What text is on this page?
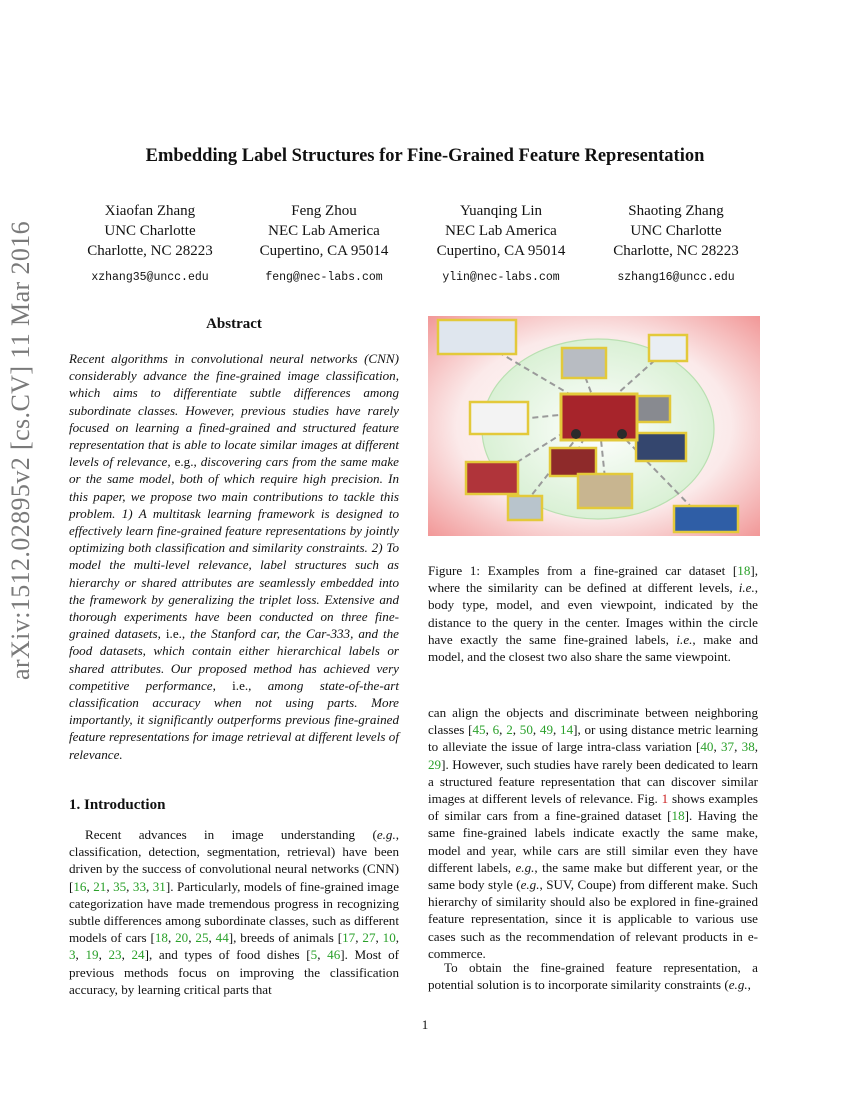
arXiv:1512.02895v2 [cs.CV] 11 Mar 2016
Embedding Label Structures for Fine-Grained Feature Representation
Xiaofan Zhang
UNC Charlotte
Charlotte, NC 28223
xzhang35@uncc.edu
Feng Zhou
NEC Lab America
Cupertino, CA 95014
feng@nec-labs.com
Yuanqing Lin
NEC Lab America
Cupertino, CA 95014
ylin@nec-labs.com
Shaoting Zhang
UNC Charlotte
Charlotte, NC 28223
szhang16@uncc.edu
Abstract
Recent algorithms in convolutional neural networks (CNN) considerably advance the fine-grained image classification, which aims to differentiate subtle differences among subordinate classes. However, previous studies have rarely focused on learning a fined-grained and structured feature representation that is able to locate similar images at different levels of relevance, e.g., discovering cars from the same make or the same model, both of which require high precision. In this paper, we propose two main contributions to tackle this problem. 1) A multitask learning framework is designed to effectively learn fine-grained feature representations by jointly optimizing both classification and similarity constraints. 2) To model the multi-level relevance, label structures such as hierarchy or shared attributes are seamlessly embedded into the framework by generalizing the triplet loss. Extensive and thorough experiments have been conducted on three fine-grained datasets, i.e., the Stanford car, the Car-333, and the food datasets, which contain either hierarchical labels or shared attributes. Our proposed method has achieved very competitive performance, i.e., among state-of-the-art classification accuracy when not using parts. More importantly, it significantly outperforms previous fine-grained feature representations for image retrieval at different levels of relevance.
1. Introduction
Recent advances in image understanding (e.g., classification, detection, segmentation, retrieval) have been driven by the success of convolutional neural networks (CNN) [16, 21, 35, 33, 31]. Particularly, models of fine-grained image categorization have made tremendous progress in recognizing subtle differences among subordinate classes, such as different models of cars [18, 20, 25, 44], breeds of animals [17, 27, 10, 3, 19, 23, 24], and types of food dishes [5, 46]. Most of previous methods focus on improving the classification accuracy, by learning critical parts that
Figure 1: Examples from a fine-grained car dataset [18], where the similarity can be defined at different levels, i.e., body type, model, and even viewpoint, indicated by the distance to the query in the center. Images within the circle have exactly the same fine-grained labels, i.e., make and model, and the closest two also share the same viewpoint.
can align the objects and discriminate between neighboring classes [45, 6, 2, 50, 49, 14], or using distance metric learning to alleviate the issue of large intra-class variation [40, 37, 38, 29]. However, such studies have rarely been dedicated to learn a structured feature representation that can discover similar images at different levels of relevance. Fig. 1 shows examples of similar cars from a fine-grained dataset [18]. Having the same fine-grained labels indicate exactly the same make, model and year, while cars are still similar even they have different labels, e.g., the same make but different year, or the same body style (e.g., SUV, Coupe) from different make. Such hierarchy of similarity should also be explored in fine-grained feature representation, since it is applicable to various use cases such as the recommendation of relevant products in e-commerce.
To obtain the fine-grained feature representation, a potential solution is to incorporate similarity constraints (e.g.,
1
